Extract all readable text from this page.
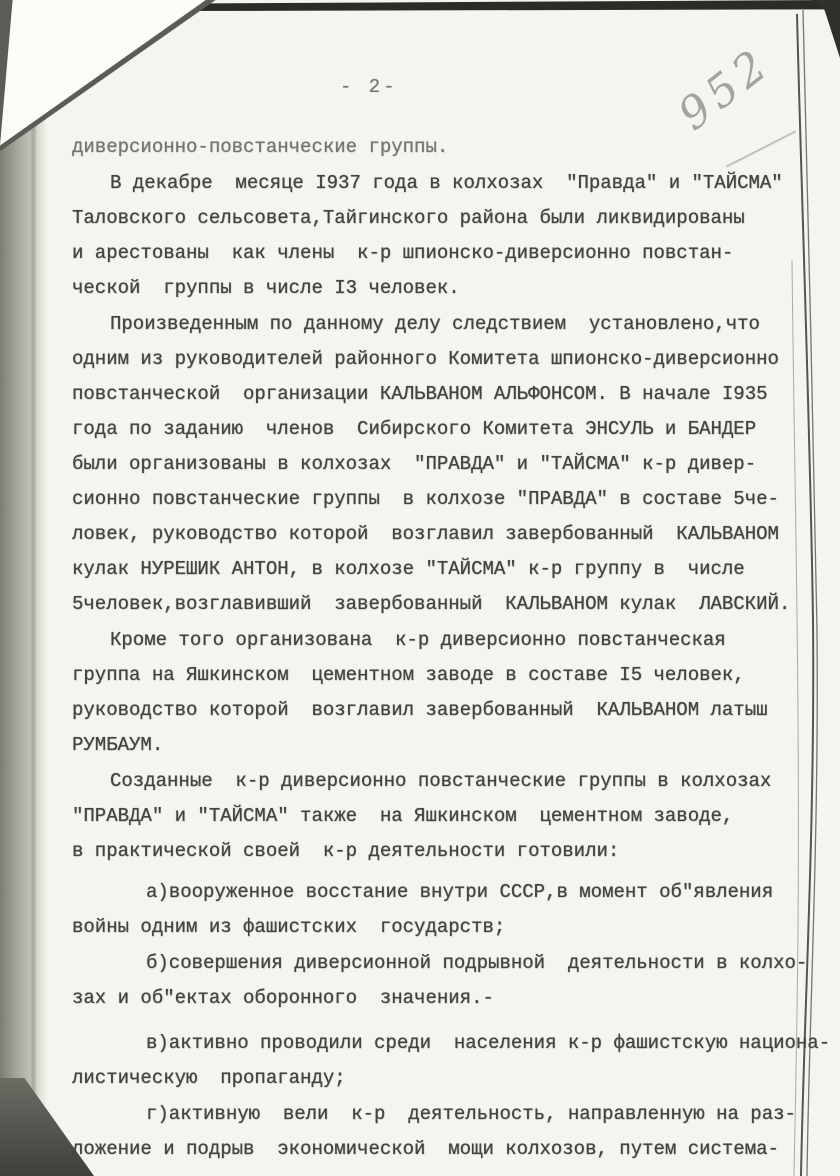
952
- 2-
диверсионно-повстанческие группы.
В декабре  месяце I937 года в колхозах  "Правда" и "ТАЙСМА"
Таловского сельсовета,Тайгинского района были ликвидированы
и арестованы  как члены  к-р шпионско-диверсионно повстан-
ческой  группы в числе I3 человек.
Произведенным по данному делу следствием  установлено,что
одним из руководителей районного Комитета шпионско-диверсионно
повстанческой  организации КАЛЬВАНОМ АЛЬФОНСОМ. В начале I935
года по заданию  членов  Сибирского Комитета ЭНСУЛЬ и БАНДЕР
были организованы в колхозах  "ПРАВДА" и "ТАЙСМА" к-р дивер-
сионно повстанческие группы  в колхозе "ПРАВДА" в составе 5че-
ловек, руководство которой  возглавил завербованный  КАЛЬВАНОМ
кулак НУРЕШИК АНТОН, в колхозе "ТАЙСМА" к-р группу в  числе
5человек,возглавивший  завербованный  КАЛЬВАНОМ кулак  ЛАВСКИЙ.
Кроме того организована  к-р диверсионно повстанческая
группа на Яшкинском  цементном заводе в составе I5 человек,
руководство которой  возглавил завербованный  КАЛЬВАНОМ латыш
РУМБАУМ.
Созданные  к-р диверсионно повстанческие группы в колхозах
"ПРАВДА" и "ТАЙСМА" также  на Яшкинском  цементном заводе,
в практической своей  к-р деятельности готовили:
а)вооруженное восстание внутри СССР,в момент об"явления
войны одним из фашистских  государств;
б)совершения диверсионной подрывной  деятельности в колхо-
зах и об"ектах оборонного  значения.-
в)активно проводили среди  населения к-р фашистскую национа-
листическую  пропаганду;
г)активную  вели  к-р  деятельность, направленную на раз-
ложение и подрыв  экономической  мощи колхозов, путем система-
